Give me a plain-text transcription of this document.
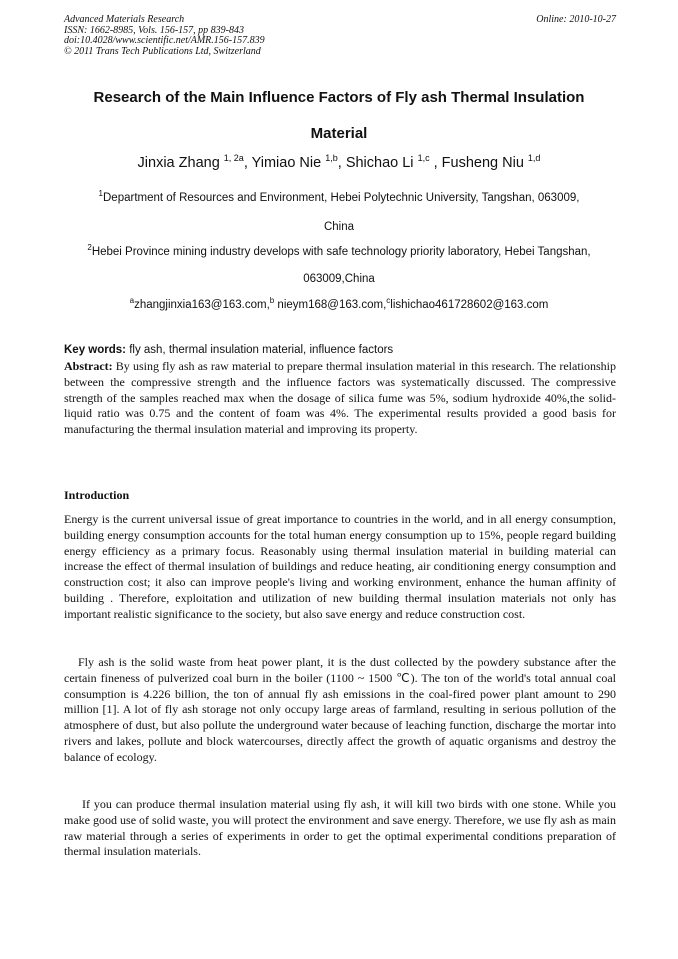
Advanced Materials Research
ISSN: 1662-8985, Vols. 156-157, pp 839-843
doi:10.4028/www.scientific.net/AMR.156-157.839
© 2011 Trans Tech Publications Ltd, Switzerland
Online: 2010-10-27
Research of the Main Influence Factors of Fly ash Thermal Insulation
Material
Jinxia Zhang $^{1, 2a}$, Yimiao Nie $^{1,b}$, Shichao Li $^{1,c}$ , Fusheng Niu $^{1,d}$
$^1$Department of Resources and Environment, Hebei Polytechnic University, Tangshan, 063009,
China
$^2$Hebei Province mining industry develops with safe technology priority laboratory, Hebei Tangshan,
063009,China
$^a$zhangjinxia163@163.com,$^b$ nieym168@163.com,$^c$lishichao461728602@163.com
Key words: fly ash, thermal insulation material, influence factors
Abstract: By using fly ash as raw material to prepare thermal insulation material in this research. The relationship between the compressive strength and the influence factors was systematically discussed. The compressive strength of the samples reached max when the dosage of silica fume was 5%, sodium hydroxide 40%,the solid-liquid ratio was 0.75 and the content of foam was 4%. The experimental results provided a good basis for manufacturing the thermal insulation material and improving its property.
Introduction

Energy is the current universal issue of great importance to countries in the world, and in all energy consumption, building energy consumption accounts for the total human energy consumption up to 15%, people regard building energy efficiency as a primary focus. Reasonably using thermal insulation material in building material can increase the effect of thermal insulation of buildings and reduce heating, air conditioning energy consumption and construction cost; it also can improve people's living and working environment, enhance the human affinity of building . Therefore, exploitation and utilization of new building thermal insulation materials not only has important realistic significance to the society, but also save energy and reduce construction cost.

Fly ash is the solid waste from heat power plant, it is the dust collected by the powdery substance after the certain fineness of pulverized coal burn in the boiler (1100 ~ 1500 ℃). The ton of the world's total annual coal consumption is 4.226 billion, the ton of annual fly ash emissions in the coal-fired power plant amount to 290 million [1]. A lot of fly ash storage not only occupy large areas of farmland, resulting in serious pollution of the atmosphere of dust, but also pollute the underground water because of leaching function, discharge the mortar into rivers and lakes, pollute and block watercourses, directly affect the growth of aquatic organisms and destroy the balance of ecology.

If you can produce thermal insulation material using fly ash, it will kill two birds with one stone. While you make good use of solid waste, you will protect the environment and save energy. Therefore, we use fly ash as main raw material through a series of experiments in order to get the optimal experimental conditions preparation of thermal insulation materials.
